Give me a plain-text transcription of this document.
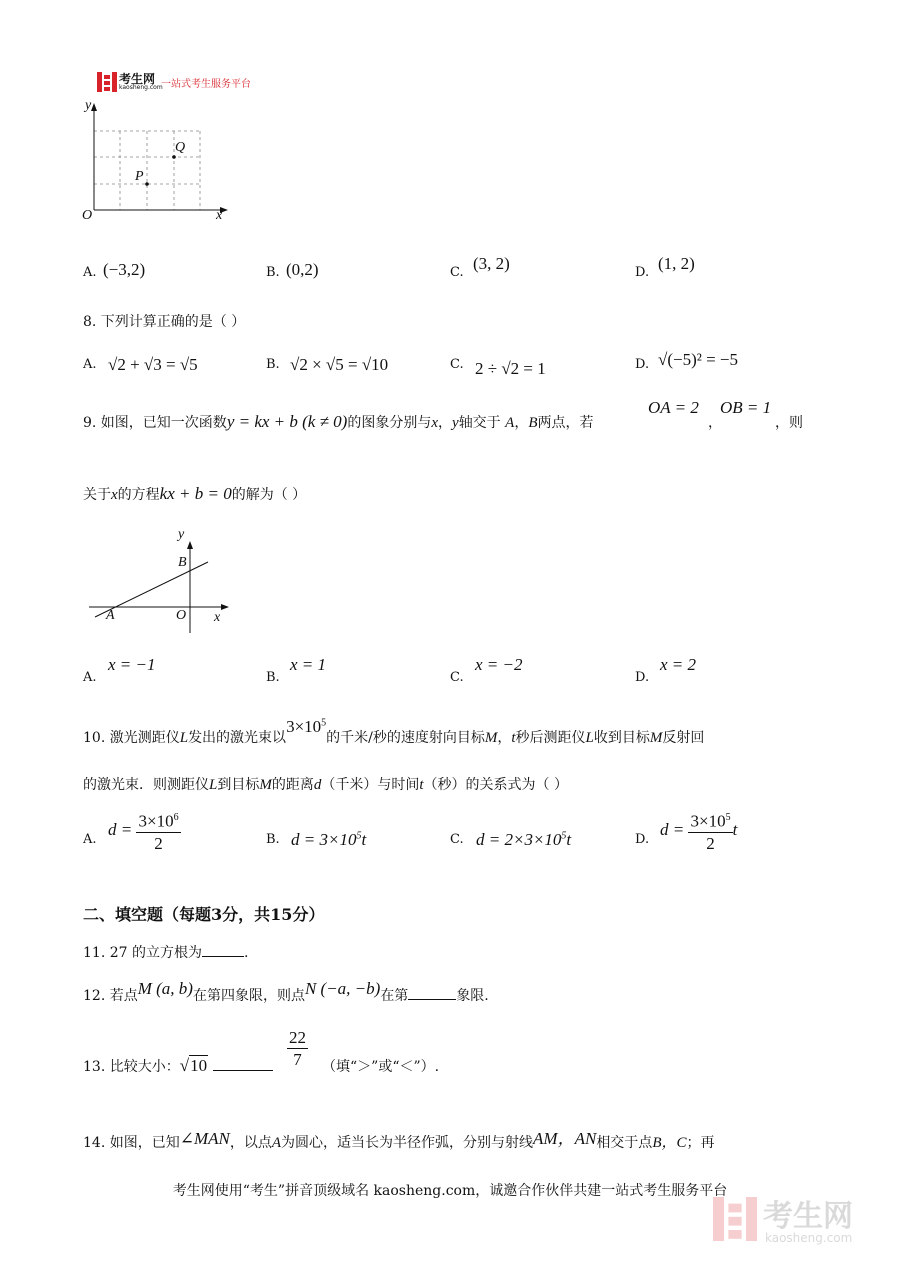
考生网
kaosheng.com
一站式考生服务平台
y
x
O
P
Q
A. (−3,2)	B. (0,2)	C. (3, 2)	D. (1, 2)
8. 下列计算正确的是（ ）
A. √2 + √3 = √5	B. √2 × √5 = √10	C. 2 ÷ √2 = 1	D. √(−5)² = −5
9. 如图，已知一次函数y = kx + b (k ≠ 0)的图象分别与x，y轴交于 A，B两点，若
OA = 2
，
OB = 1
，则
关于x的方程kx + b = 0的解为（ ）
y
B
A	O x
A.
x = −1
B.
x = 1
C.
x = −2
D.
x = 2
10. 激光测距仪L发出的激光束以$3\times 10^5$的千米/秒的速度射向目标M，t秒后测距仪L收到目标M反射回
的激光束．则测距仪L到目标M的距离d（千米）与时间t（秒）的关系式为（ ）
A.
$d = \frac{3\times 10^6}{2}$	B. $d = 3\times 10^5t$	C. $d = 2\times 3\times 10^5t$	D.
$d = \frac{3\times 10^5}{2}$ t
二、填空题（每题3分，共15分）
11. 27 的立方根为	.
12. 若点M (a, b)在第四象限，则点N (−a, −b)在第	象限.
13. 比较大小：√10	$\frac{22}{7}$ （填“＞”或“＜”）.
14. 如图，已知∠MAN，以点A为圆心，适当长为半径作弧，分别与射线AM，AN相交于点B，C；再
考生网使用“考生”拼音顶级域名 kaosheng.com，诚邀合作伙伴共建一站式考生服务平台
考生网
kaosheng.com
